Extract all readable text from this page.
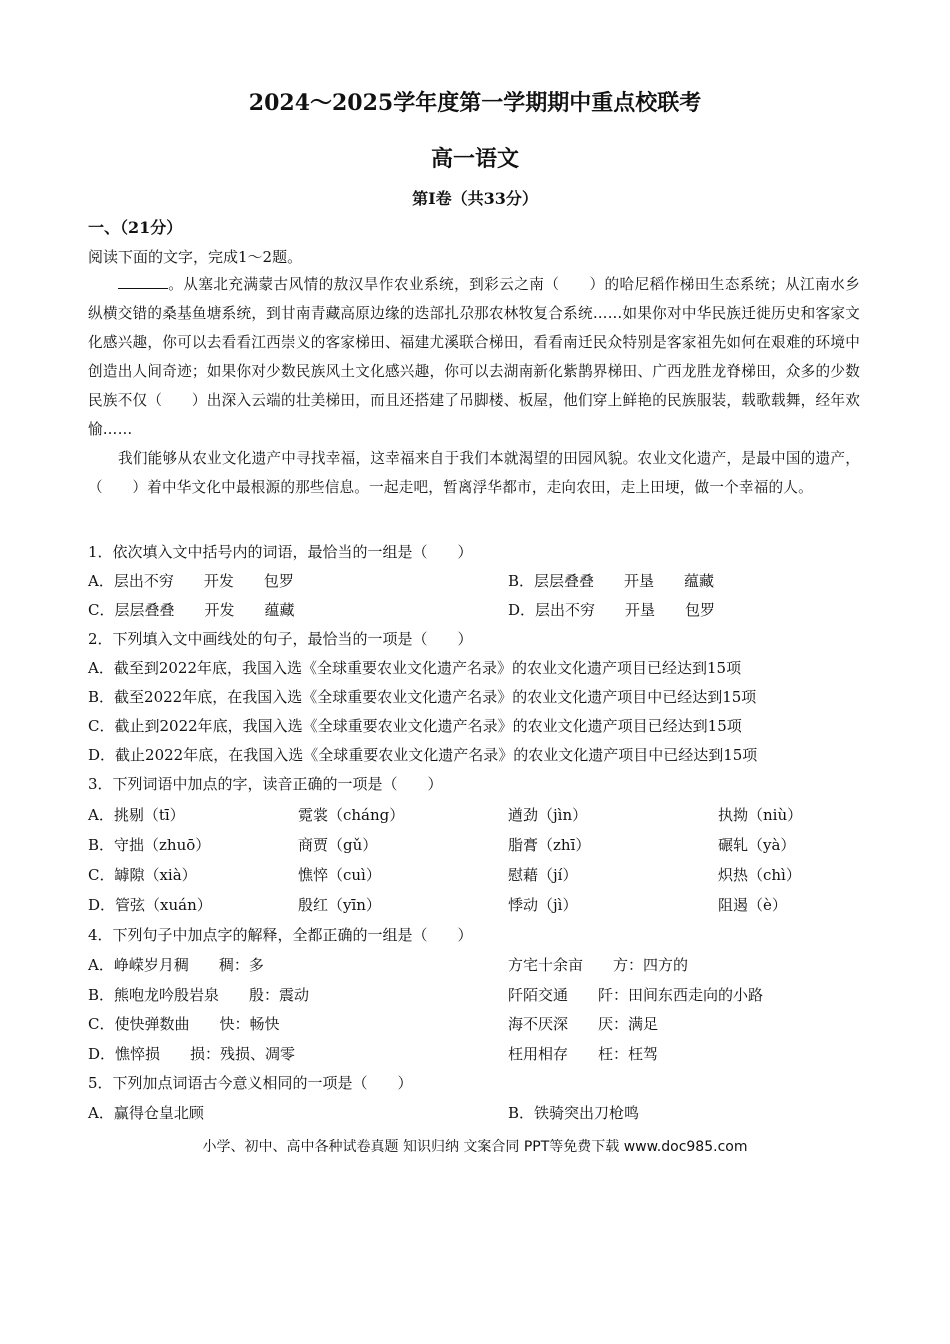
2024～2025学年度第一学期期中重点校联考
高一语文
第Ⅰ卷（共33分）
一、（21分）
阅读下面的文字，完成1～2题。

。从塞北充满蒙古风情的敖汉旱作农业系统，到彩云之南（　　）的哈尼稻作梯田生态系统；从江南水乡纵横交错的桑基鱼塘系统，到甘南青藏高原边缘的迭部扎尕那农林牧复合系统……如果你对中华民族迁徙历史和客家文化感兴趣，你可以去看看江西崇义的客家梯田、福建尤溪联合梯田，看看南迁民众特别是客家祖先如何在艰难的环境中创造出人间奇迹；如果你对少数民族风土文化感兴趣，你可以去湖南新化紫鹊界梯田、广西龙胜龙脊梯田，众多的少数民族不仅（　　）出深入云端的壮美梯田，而且还搭建了吊脚楼、板屋，他们穿上鲜艳的民族服装，载歌载舞，经年欢愉……

我们能够从农业文化遗产中寻找幸福，这幸福来自于我们本就渴望的田园风貌。农业文化遗产，是最中国的遗产，（　　）着中华文化中最根源的那些信息。一起走吧，暂离浮华都市，走向农田，走上田埂，做一个幸福的人。

1．依次填入文中括号内的词语，最恰当的一组是（　　）
A．层出不穷　　开发　　包罗	B．层层叠叠　　开垦　　蕴藏
C．层层叠叠　　开发　　蕴藏	D．层出不穷　　开垦　　包罗
2．下列填入文中画线处的句子，最恰当的一项是（　　）
A．截至到2022年底，我国入选《全球重要农业文化遗产名录》的农业文化遗产项目已经达到15项
B．截至2022年底，在我国入选《全球重要农业文化遗产名录》的农业文化遗产项目中已经达到15项
C．截止到2022年底，我国入选《全球重要农业文化遗产名录》的农业文化遗产项目已经达到15项
D．截止2022年底，在我国入选《全球重要农业文化遗产名录》的农业文化遗产项目中已经达到15项
3．下列词语中加点的字，读音正确的一项是（　　）
A．挑剔（tī）	霓裳（cháng）	遒劲（jìn）	执拗（niù）
B．守拙（zhuō）	商贾（gǔ）	脂膏（zhī）	碾轧（yà）
C．罅隙（xià）	憔悴（cuì）	慰藉（jí）	炽热（chì）
D．管弦（xuán）	殷红（yīn）	悸动（jì）	阻遏（è）
4．下列句子中加点字的解释，全都正确的一组是（　　）
A．峥嵘岁月稠　　稠：多	方宅十余亩　　方：四方的
B．熊咆龙吟殷岩泉　　殷：震动	阡陌交通　　阡：田间东西走向的小路
C．使快弹数曲　　快：畅快	海不厌深　　厌：满足
D．憔悴损　　损：残损、凋零	枉用相存　　枉：枉驾
5．下列加点词语古今意义相同的一项是（　　）
A．赢得仓皇北顾	B．铁骑突出刀枪鸣
小学、初中、高中各种试卷真题 知识归纳 文案合同 PPT等免费下载 www.doc985.com
